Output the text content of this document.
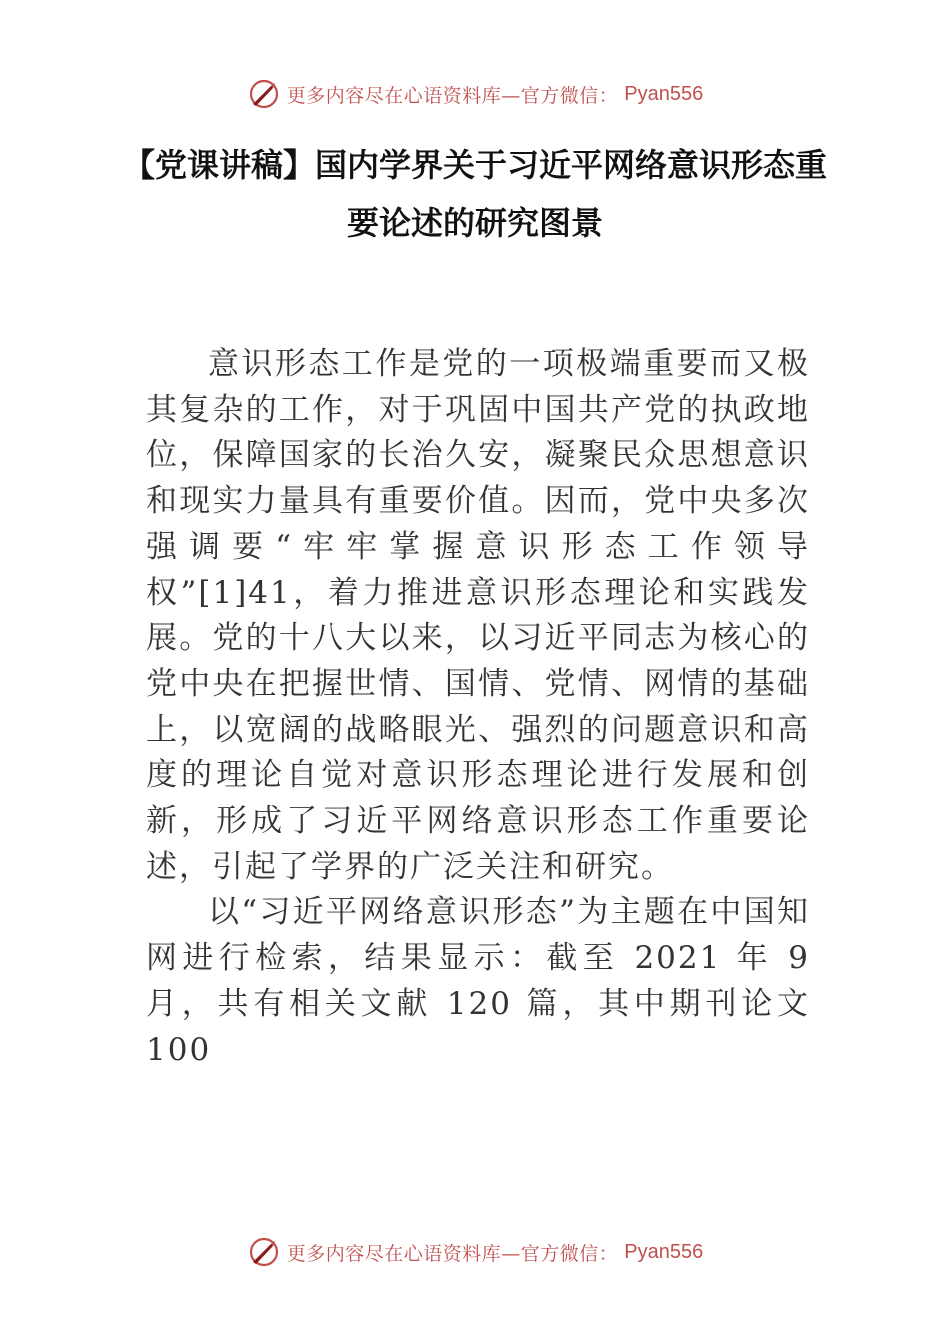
更多内容尽在心语资料库—官方微信： Pyan556
【党课讲稿】国内学界关于习近平网络意识形态重要论述的研究图景

意识形态工作是党的一项极端重要而又极其复杂的工作，对于巩固中国共产党的执政地位，保障国家的长治久安，凝聚民众思想意识和现实力量具有重要价值。因而，党中央多次强调要“牢牢掌握意识形态工作领导权”[1]41，着力推进意识形态理论和实践发展。党的十八大以来，以习近平同志为核心的党中央在把握世情、国情、党情、网情的基础上，以宽阔的战略眼光、强烈的问题意识和高度的理论自觉对意识形态理论进行发展和创新，形成了习近平网络意识形态工作重要论述，引起了学界的广泛关注和研究。

以“习近平网络意识形态”为主题在中国知网进行检索，结果显示：截至 2021 年 9 月，共有相关文献 120 篇，其中期刊论文 100

更多内容尽在心语资料库—官方微信： Pyan556
